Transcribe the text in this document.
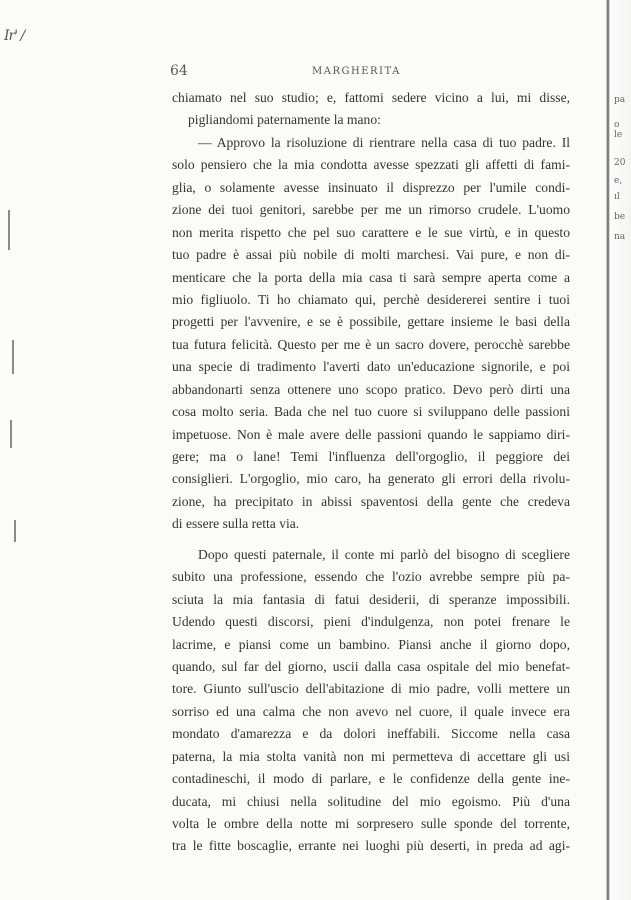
Ir' /
64	MARGHERITA
chiamato nel suo studio; e, fattomi sedere vicino a lui, mi disse,
pigliandomi paternamente la mano:
— Approvo la risoluzione di rientrare nella casa di tuo padre. Il
solo pensiero che la mia condotta avesse spezzati gli affetti di fami-
glia, o solamente avesse insinuato il disprezzo per l'umile condi-
zione dei tuoi genitori, sarebbe per me un rimorso crudele. L'uomo
non merita rispetto che pel suo carattere e le sue virtù, e in questo
tuo padre è assai più nobile di molti marchesi. Vai pure, e non di-
menticare che la porta della mia casa ti sarà sempre aperta come a
mio figliuolo. Ti ho chiamato qui, perchè desidererei sentire i tuoi
progetti per l'avvenire, e se è possibile, gettare insieme le basi della
tua futura felicità. Questo per me è un sacro dovere, perocchè sarebbe
una specie di tradimento l'averti dato un'educazione signorile, e poi
abbandonarti senza ottenere uno scopo pratico. Devo però dirti una
cosa molto seria. Bada che nel tuo cuore si sviluppano delle passioni
impetuose. Non è male avere delle passioni quando le sappiamo diri-
gere; ma o lane! Temi l'influenza dell'orgoglio, il peggiore dei
consiglieri. L'orgoglio, mio caro, ha generato gli errori della rivolu-
zione, ha precipitato in abissi spaventosi della gente che credeva
di essere sulla retta via.
Dopo questi paternale, il conte mi parlò del bisogno di scegliere
subito una professione, essendo che l'ozio avrebbe sempre più pa-
sciuta la mia fantasia di fatui desiderii, di speranze impossibili.
Udendo questi discorsi, pieni d'indulgenza, non potei frenare le
lacrime, e piansi come un bambino. Piansi anche il giorno dopo,
quando, sul far del giorno, uscii dalla casa ospitale del mio benefat-
tore. Giunto sull'uscio dell'abitazione di mio padre, volli mettere un
sorriso ed una calma che non avevo nel cuore, il quale invece era
mondato d'amarezza e da dolori ineffabili. Siccome nella casa
paterna, la mia stolta vanità non mi permetteva di accettare gli usi
contadineschi, il modo di parlare, e le confidenze della gente ine-
ducata, mi chiusi nella solitudine del mio egoismo. Più d'una
volta le ombre della notte mi sorpresero sulle sponde del torrente,
tra le fitte boscaglie, errante nei luoghi più deserti, in preda ad agi-
pa
o
le
20
e,
ıl
be
na
